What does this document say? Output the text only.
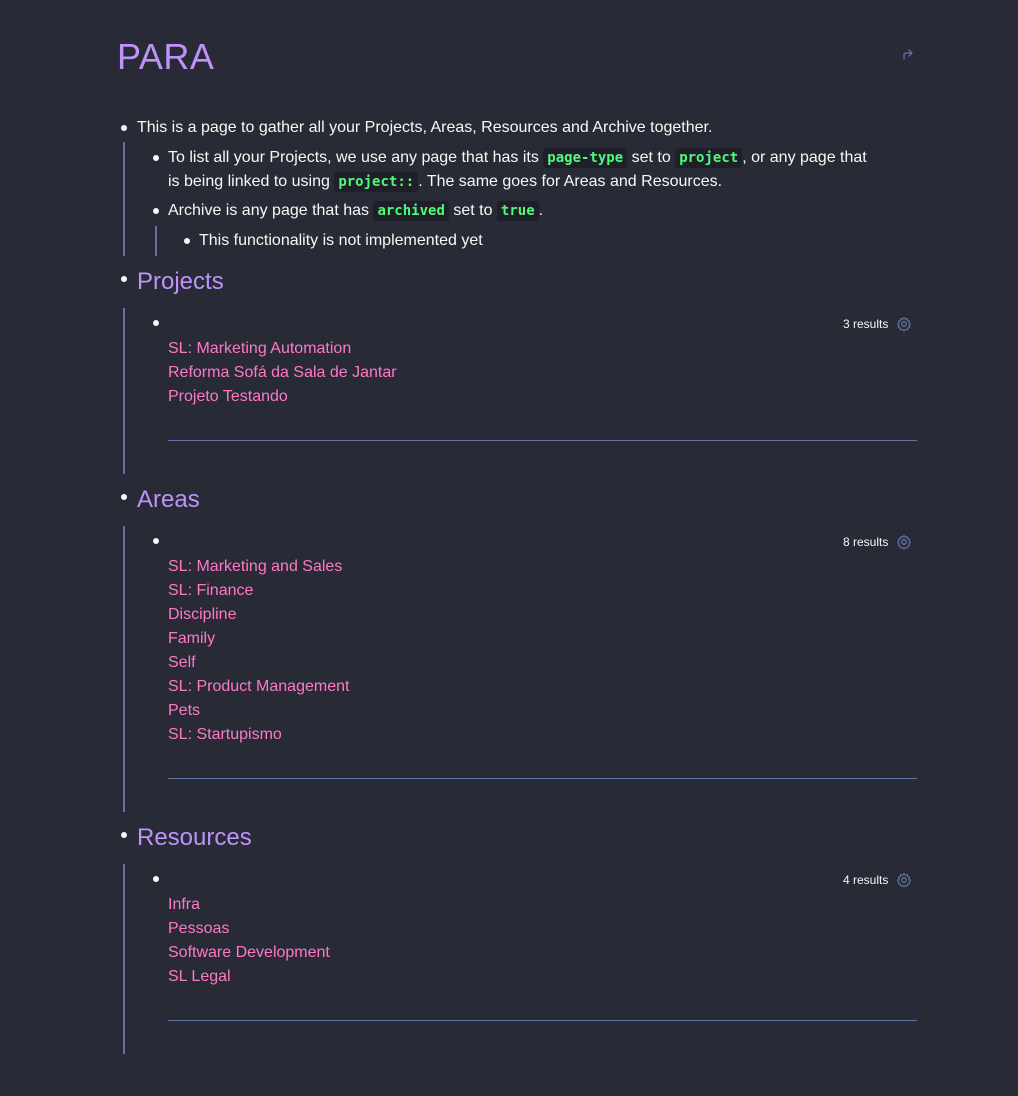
PARA
This is a page to gather all your Projects, Areas, Resources and Archive together.
To list all your Projects, we use any page that has its page-type set to project , or any page that
is being linked to using project:: . The same goes for Areas and Resources.
Archive is any page that has archived set to true .
This functionality is not implemented yet
Projects
3 results
SL: Marketing Automation
Reforma Sofá da Sala de Jantar
Projeto Testando
Areas
8 results
SL: Marketing and Sales
SL: Finance
Discipline
Family
Self
SL: Product Management
Pets
SL: Startupismo
Resources
4 results
Infra
Pessoas
Software Development
SL Legal
